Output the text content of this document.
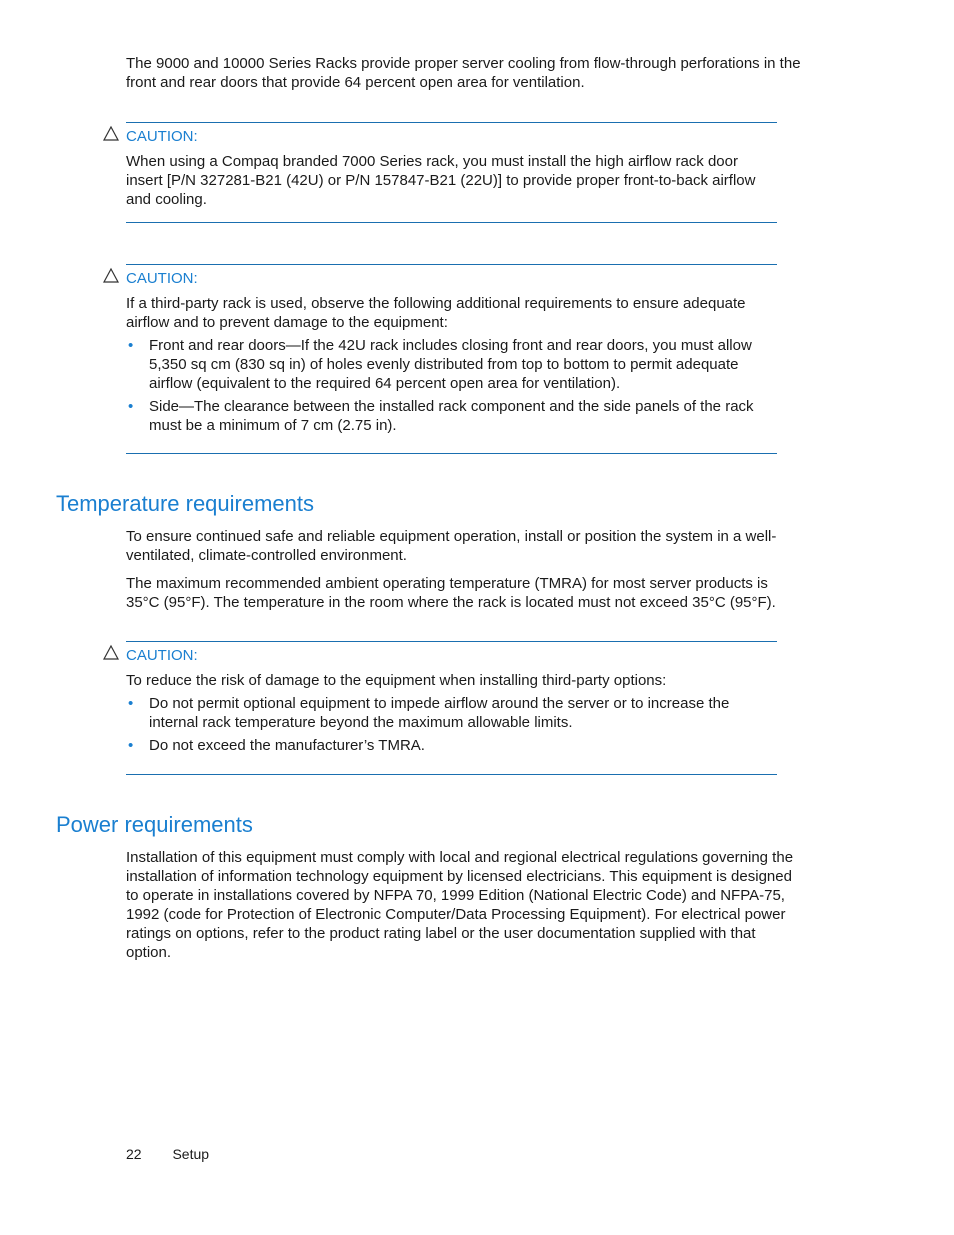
The 9000 and 10000 Series Racks provide proper server cooling from flow-through perforations in the front and rear doors that provide 64 percent open area for ventilation.

CAUTION:

When using a Compaq branded 7000 Series rack, you must install the high airflow rack door insert [P/N 327281-B21 (42U) or P/N 157847-B21 (22U)] to provide proper front-to-back airflow and cooling.

CAUTION:

If a third-party rack is used, observe the following additional requirements to ensure adequate airflow and to prevent damage to the equipment:

• Front and rear doors—If the 42U rack includes closing front and rear doors, you must allow 5,350 sq cm (830 sq in) of holes evenly distributed from top to bottom to permit adequate airflow (equivalent to the required 64 percent open area for ventilation).
• Side—The clearance between the installed rack component and the side panels of the rack must be a minimum of 7 cm (2.75 in).
Temperature requirements

To ensure continued safe and reliable equipment operation, install or position the system in a well-ventilated, climate-controlled environment.

The maximum recommended ambient operating temperature (TMRA) for most server products is 35°C (95°F). The temperature in the room where the rack is located must not exceed 35°C (95°F).

CAUTION:

To reduce the risk of damage to the equipment when installing third-party options:

• Do not permit optional equipment to impede airflow around the server or to increase the internal rack temperature beyond the maximum allowable limits.
• Do not exceed the manufacturer’s TMRA.
Power requirements

Installation of this equipment must comply with local and regional electrical regulations governing the installation of information technology equipment by licensed electricians. This equipment is designed to operate in installations covered by NFPA 70, 1999 Edition (National Electric Code) and NFPA-75, 1992 (code for Protection of Electronic Computer/Data Processing Equipment). For electrical power ratings on options, refer to the product rating label or the user documentation supplied with that option.

22 Setup
